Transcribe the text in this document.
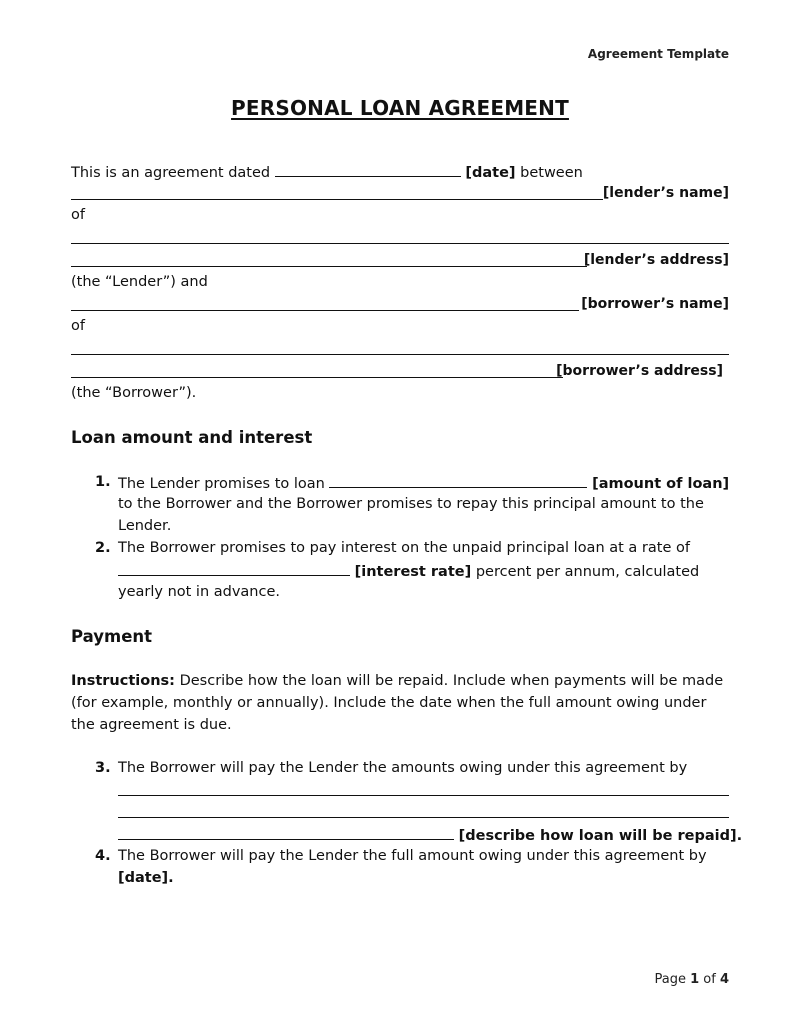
Agreement Template
PERSONAL LOAN AGREEMENT
This is an agreement dated	[date] between
[lender’s name]
of
[lender’s address]
(the “Lender”) and
[borrower’s name]
of
[borrower’s address]
(the “Borrower”).
Loan amount and interest
1. The Lender promises to loan	[amount of loan]
to the Borrower and the Borrower promises to repay this principal amount to the
Lender.
2. The Borrower promises to pay interest on the unpaid principal loan at a rate of
[interest rate] percent per annum, calculated
yearly not in advance.
Payment
Instructions: Describe how the loan will be repaid. Include when payments will be made (for example, monthly or annually). Include the date when the full amount owing under the agreement is due.
3. The Borrower will pay the Lender the amounts owing under this agreement by
[describe how loan will be repaid].
4. The Borrower will pay the Lender the full amount owing under this agreement by
[date].
Page 1 of 4
